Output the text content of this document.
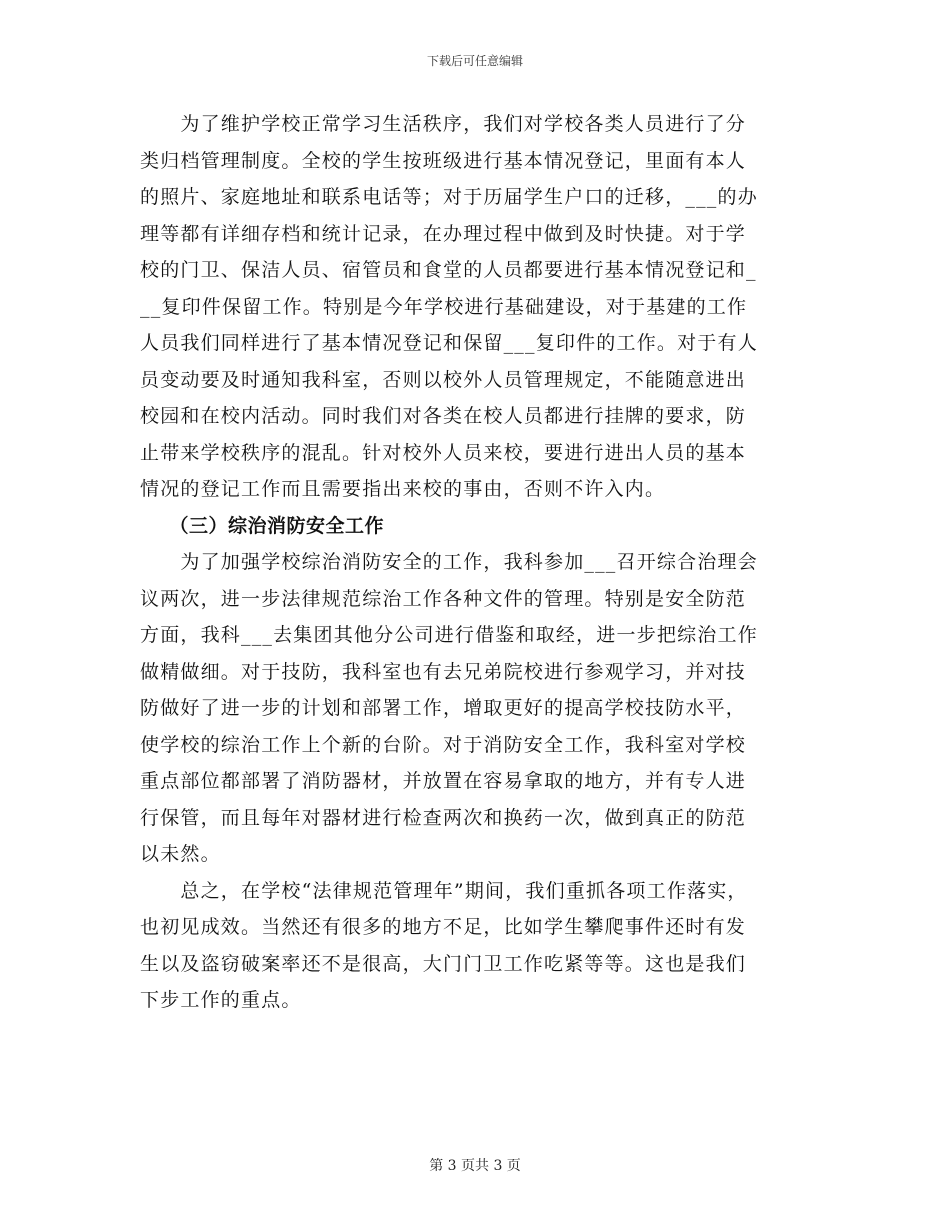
下载后可任意编辑
　　为了维护学校正常学习生活秩序，我们对学校各类人员进行了分
类归档管理制度。全校的学生按班级进行基本情况登记，里面有本人
的照片、家庭地址和联系电话等；对于历届学生户口的迁移，___的办
理等都有详细存档和统计记录，在办理过程中做到及时快捷。对于学
校的门卫、保洁人员、宿管员和食堂的人员都要进行基本情况登记和_
__复印件保留工作。特别是今年学校进行基础建设，对于基建的工作
人员我们同样进行了基本情况登记和保留___复印件的工作。对于有人
员变动要及时通知我科室，否则以校外人员管理规定，不能随意进出
校园和在校内活动。同时我们对各类在校人员都进行挂牌的要求，防
止带来学校秩序的混乱。针对校外人员来校，要进行进出人员的基本
情况的登记工作而且需要指出来校的事由，否则不许入内。
　　（三）综治消防安全工作
　　为了加强学校综治消防安全的工作，我科参加___召开综合治理会
议两次，进一步法律规范综治工作各种文件的管理。特别是安全防范
方面，我科___去集团其他分公司进行借鉴和取经，进一步把综治工作
做精做细。对于技防，我科室也有去兄弟院校进行参观学习，并对技
防做好了进一步的计划和部署工作，增取更好的提高学校技防水平，
使学校的综治工作上个新的台阶。对于消防安全工作，我科室对学校
重点部位都部署了消防器材，并放置在容易拿取的地方，并有专人进
行保管，而且每年对器材进行检查两次和换药一次，做到真正的防范
以未然。
　　总之，在学校“法律规范管理年”期间，我们重抓各项工作落实，
也初见成效。当然还有很多的地方不足，比如学生攀爬事件还时有发
生以及盗窃破案率还不是很高，大门门卫工作吃紧等等。这也是我们
下步工作的重点。
第 3 页共 3 页
